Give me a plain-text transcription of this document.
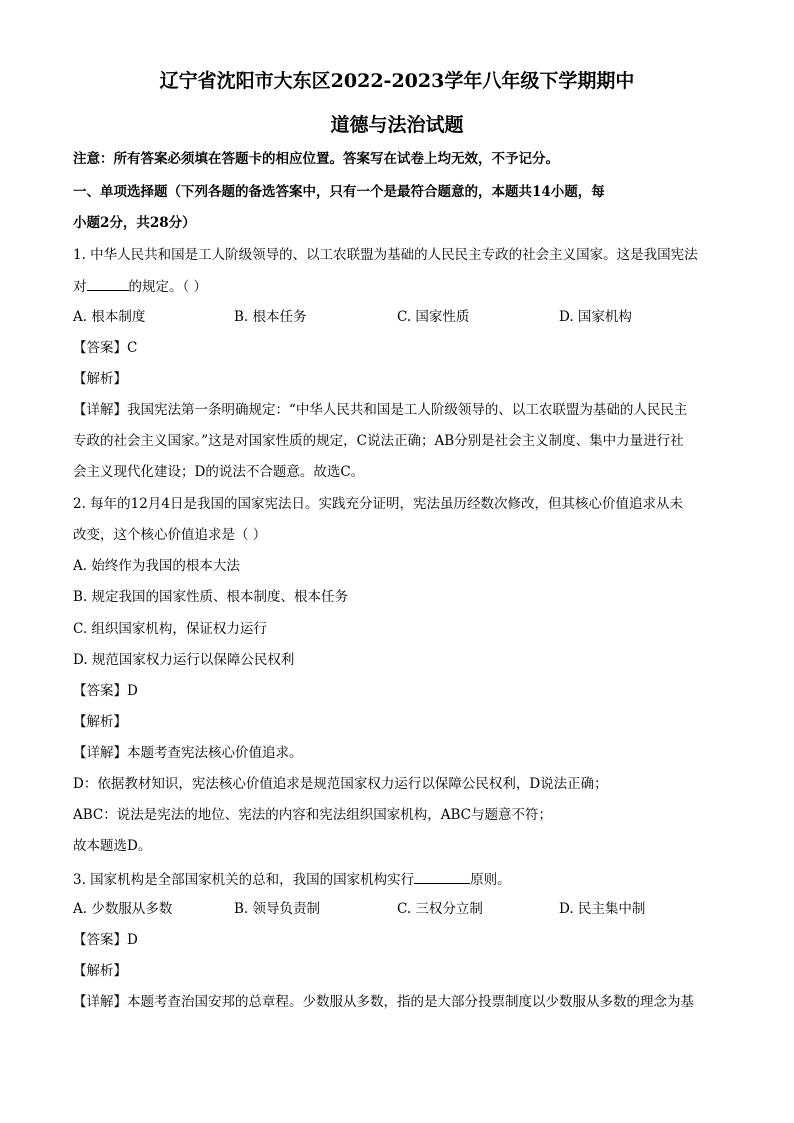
辽宁省沈阳市大东区2022-2023学年八年级下学期期中
道德与法治试题
注意：所有答案必须填在答题卡的相应位置。答案写在试卷上均无效，不予记分。
一、单项选择题（下列各题的备选答案中，只有一个是最符合题意的，本题共14小题，每
小题2分，共28分）
1. 中华人民共和国是工人阶级领导的、以工农联盟为基础的人民民主专政的社会主义国家。这是我国宪法
对	的规定。（ ）
A. 根本制度	B. 根本任务	C. 国家性质	D. 国家机构
【答案】C
【解析】
【详解】我国宪法第一条明确规定：“中华人民共和国是工人阶级领导的、以工农联盟为基础的人民民主
专政的社会主义国家。”这是对国家性质的规定，C说法正确；AB分别是社会主义制度、集中力量进行社
会主义现代化建设；D的说法不合题意。故选C。
2. 每年的12月4日是我国的国家宪法日。实践充分证明，宪法虽历经数次修改，但其核心价值追求从未
改变，这个核心价值追求是（ ）
A. 始终作为我国的根本大法
B. 规定我国的国家性质、根本制度、根本任务
C. 组织国家机构，保证权力运行
D. 规范国家权力运行以保障公民权利
【答案】D
【解析】
【详解】本题考查宪法核心价值追求。
D：依据教材知识，宪法核心价值追求是规范国家权力运行以保障公民权利，D说法正确；
ABC：说法是宪法的地位、宪法的内容和宪法组织国家机构，ABC与题意不符；
故本题选D。
3. 国家机构是全部国家机关的总和，我国的国家机构实行	原则。
A. 少数服从多数	B. 领导负责制	C. 三权分立制	D. 民主集中制
【答案】D
【解析】
【详解】本题考查治国安邦的总章程。少数服从多数，指的是大部分投票制度以少数服从多数的理念为基
